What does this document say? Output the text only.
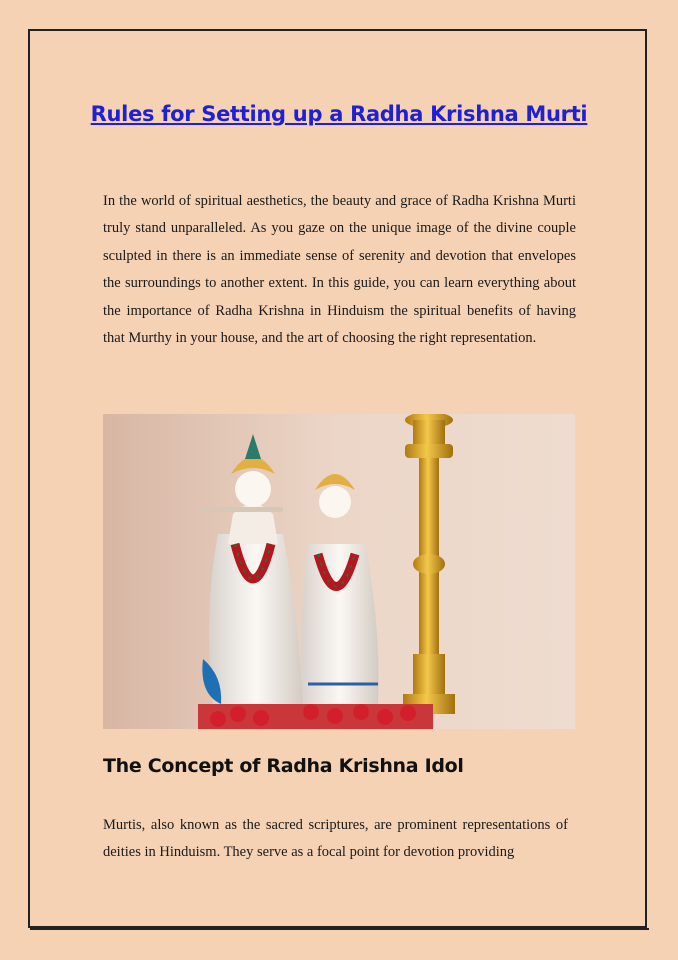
Rules for Setting up a Radha Krishna Murti

In the world of spiritual aesthetics, the beauty and grace of Radha Krishna Murti truly stand unparalleled. As you gaze on the unique image of the divine couple sculpted in there is an immediate sense of serenity and devotion that envelopes the surroundings to another extent. In this guide, you can learn everything about the importance of Radha Krishna in Hinduism the spiritual benefits of having that Murthy in your house, and the art of choosing the right representation.

The Concept of Radha Krishna Idol

Murtis, also known as the sacred scriptures, are prominent representations of deities in Hinduism. They serve as a focal point for devotion providing
